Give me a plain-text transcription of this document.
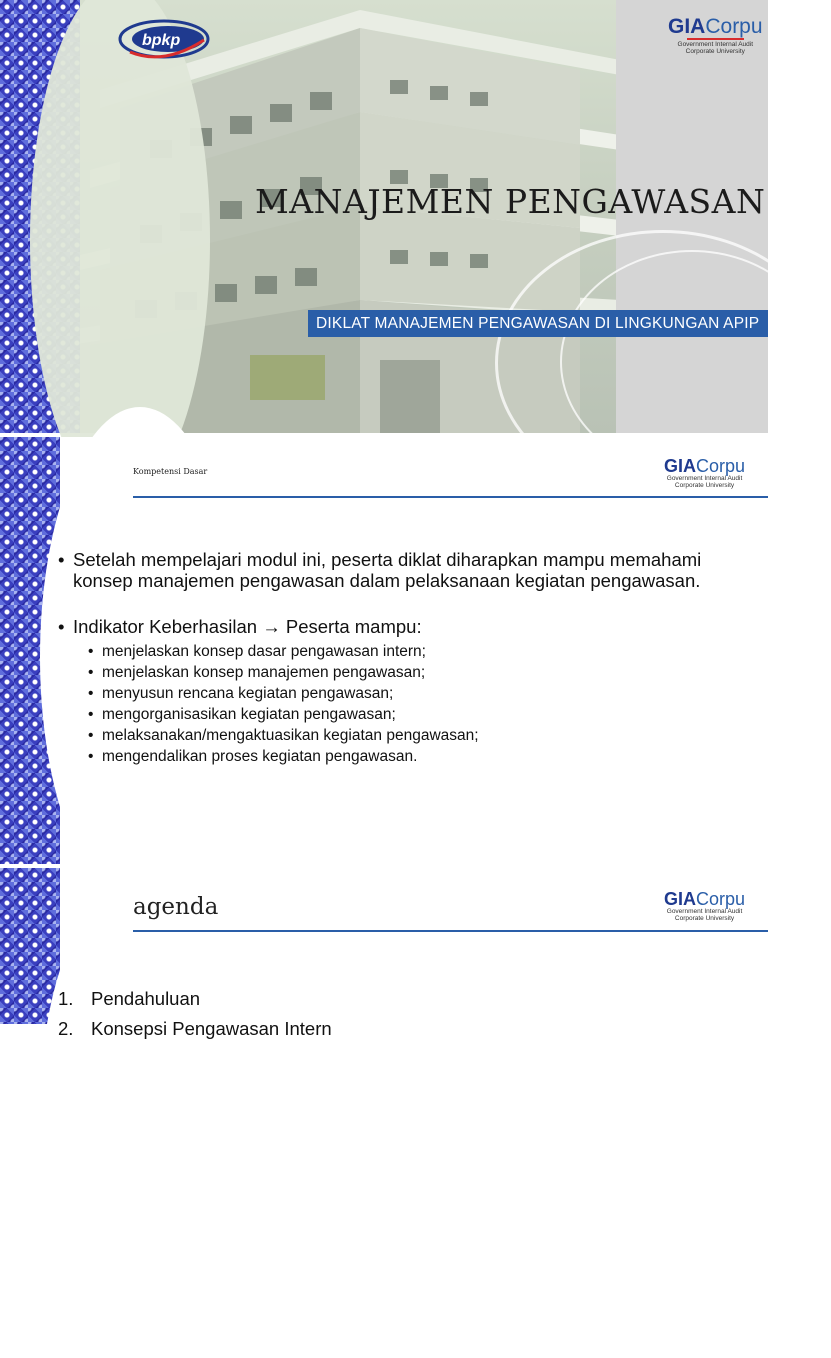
bpkp
GIACorpu
Government Internal Audit
Corporate University
MANAJEMEN PENGAWASAN
DIKLAT MANAJEMEN PENGAWASAN DI LINGKUNGAN APIP
Kompetensi Dasar	GIACorpu
Government Internal Audit
Corporate University

• Setelah mempelajari modul ini, peserta diklat diharapkan mampu memahami konsep manajemen pengawasan dalam pelaksanaan kegiatan pengawasan.

• Indikator Keberhasilan → Peserta mampu:

• menjelaskan konsep dasar pengawasan intern;
• menjelaskan konsep manajemen pengawasan;
• menyusun rencana kegiatan pengawasan;
• mengorganisasikan kegiatan pengawasan;
• melaksanakan/mengaktuasikan kegiatan pengawasan;
• mengendalikan proses kegiatan pengawasan.
agenda	GIACorpu
Government Internal Audit
Corporate University
1. Pendahuluan
2. Konsepsi Pengawasan Intern
